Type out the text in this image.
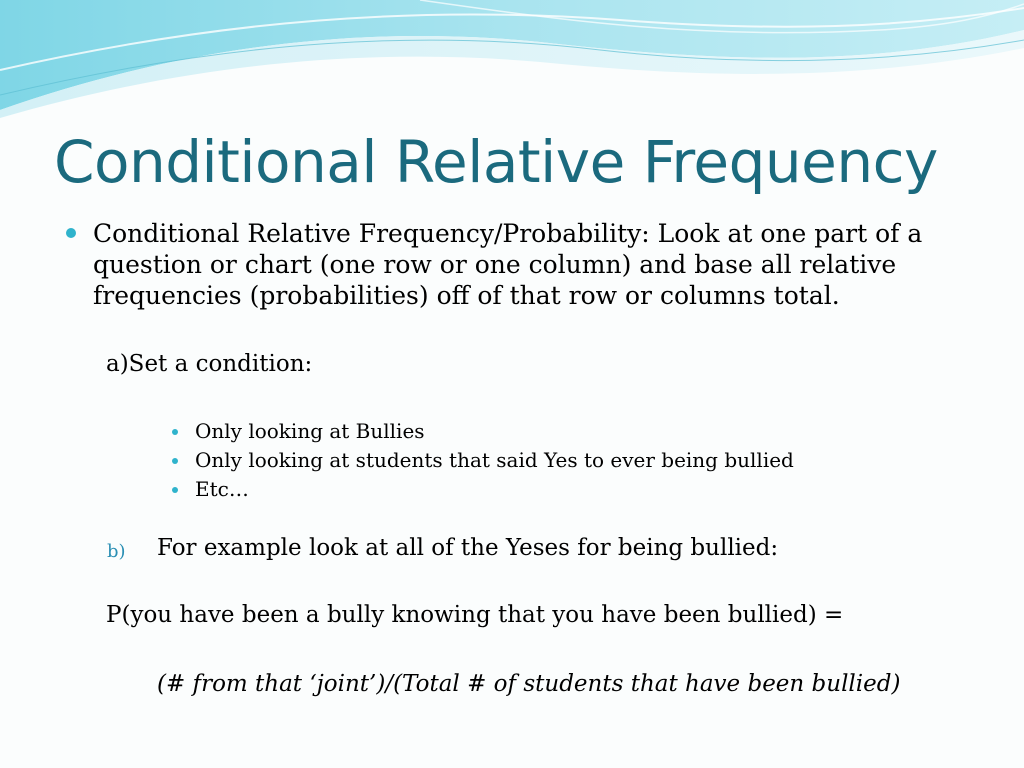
Conditional Relative Frequency
Conditional Relative Frequency/Probability: Look at one part of a question or chart (one row or one column) and base all relative frequencies (probabilities) off of that row or columns total.
a)Set a condition:
Only looking at Bullies
Only looking at students that said Yes to ever being bullied
Etc…
b) For example look at all of the Yeses for being bullied:
P(you have been a bully knowing that you have been bullied) =
(# from that ‘joint’)/(Total # of students that have been bullied)
